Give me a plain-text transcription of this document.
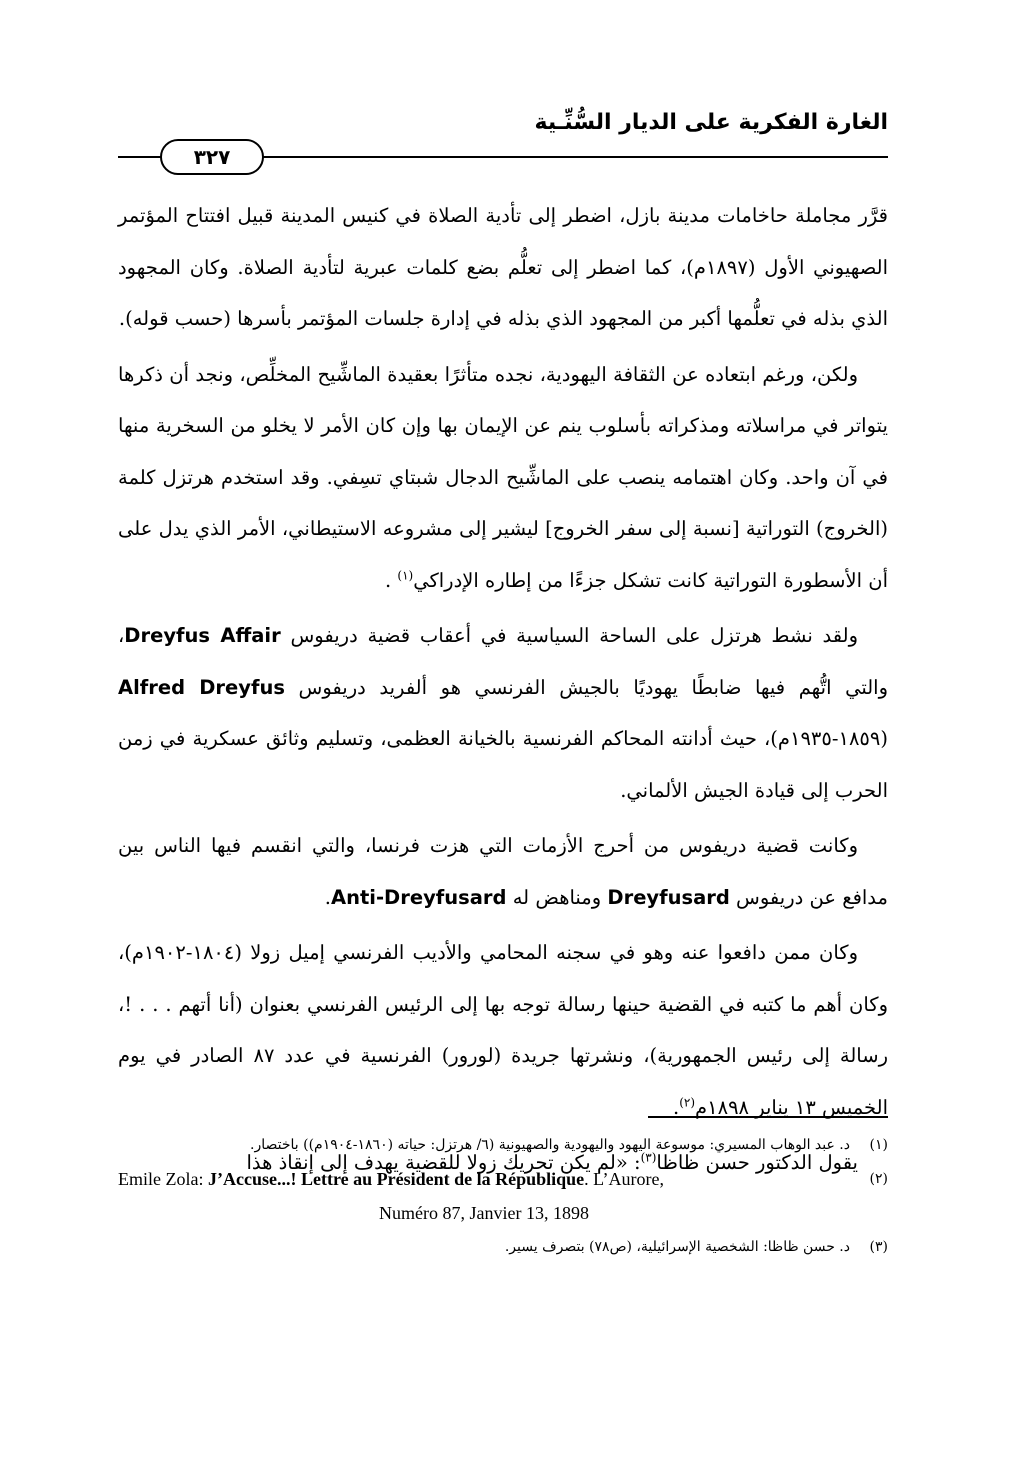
الغارة الفكرية على الديار السُّنِّـية
٣٢٧

قرَّر مجاملة حاخامات مدينة بازل، اضطر إلى تأدية الصلاة في كنيس المدينة قبيل افتتاح المؤتمر الصهيوني الأول (١٨٩٧م)، كما اضطر إلى تعلُّم بضع كلمات عبرية لتأدية الصلاة. وكان المجهود الذي بذله في تعلُّمها أكبر من المجهود الذي بذله في إدارة جلسات المؤتمر بأسرها (حسب قوله).

ولكن، ورغم ابتعاده عن الثقافة اليهودية، نجده متأثرًا بعقيدة الماشِّيح المخلِّص، ونجد أن ذكرها يتواتر في مراسلاته ومذكراته بأسلوب ينم عن الإيمان بها وإن كان الأمر لا يخلو من السخرية منها في آن واحد. وكان اهتمامه ينصب على الماشِّيح الدجال شبتاي تسِفي. وقد استخدم هرتزل كلمة (الخروج) التوراتية [نسبة إلى سفر الخروج] ليشير إلى مشروعه الاستيطاني، الأمر الذي يدل على أن الأسطورة التوراتية كانت تشكل جزءًا من إطاره الإدراكي$^{(١)}$ .

ولقد نشط هرتزل على الساحة السياسية في أعقاب قضية دريفوس Dreyfus Affair، والتي اتُّهم فيها ضابطًا يهوديًا بالجيش الفرنسي هو ألفريد دريفوس Alfred Dreyfus (١٨٥٩-١٩٣٥م)، حيث أدانته المحاكم الفرنسية بالخيانة العظمى، وتسليم وثائق عسكرية في زمن الحرب إلى قيادة الجيش الألماني.

وكانت قضية دريفوس من أحرج الأزمات التي هزت فرنسا، والتي انقسم فيها الناس بين مدافع عن دريفوس Dreyfusard ومناهض له Anti-Dreyfusard.

وكان ممن دافعوا عنه وهو في سجنه المحامي والأديب الفرنسي إميل زولا (١٨٠٤-١٩٠٢م)، وكان أهم ما كتبه في القضية حينها رسالة توجه بها إلى الرئيس الفرنسي بعنوان (أنا أتهم . . . !، رسالة إلى رئيس الجمهورية)، ونشرتها جريدة (لورور) الفرنسية في عدد ٨٧ الصادر في يوم الخميس ١٣ يناير ١٨٩٨م$^{(٢)}$.

يقول الدكتور حسن ظاظا$^{(٣)}$: «لم يكن تحريك زولا للقضية يهدف إلى إنقاذ هذا

(١)
د. عبد الوهاب المسيري: موسوعة اليهود واليهودية والصهيونية (٦/ هرتزل: حياته (١٨٦٠-١٩٠٤م)) باختصار.
(٢)
Emile Zola: J’Accuse...! Lettre au Président de la République. L’Aurore,
Numéro 87, Janvier 13, 1898
(٣)
د. حسن ظاظا: الشخصية الإسرائيلية، (ص٧٨) بتصرف يسير.
